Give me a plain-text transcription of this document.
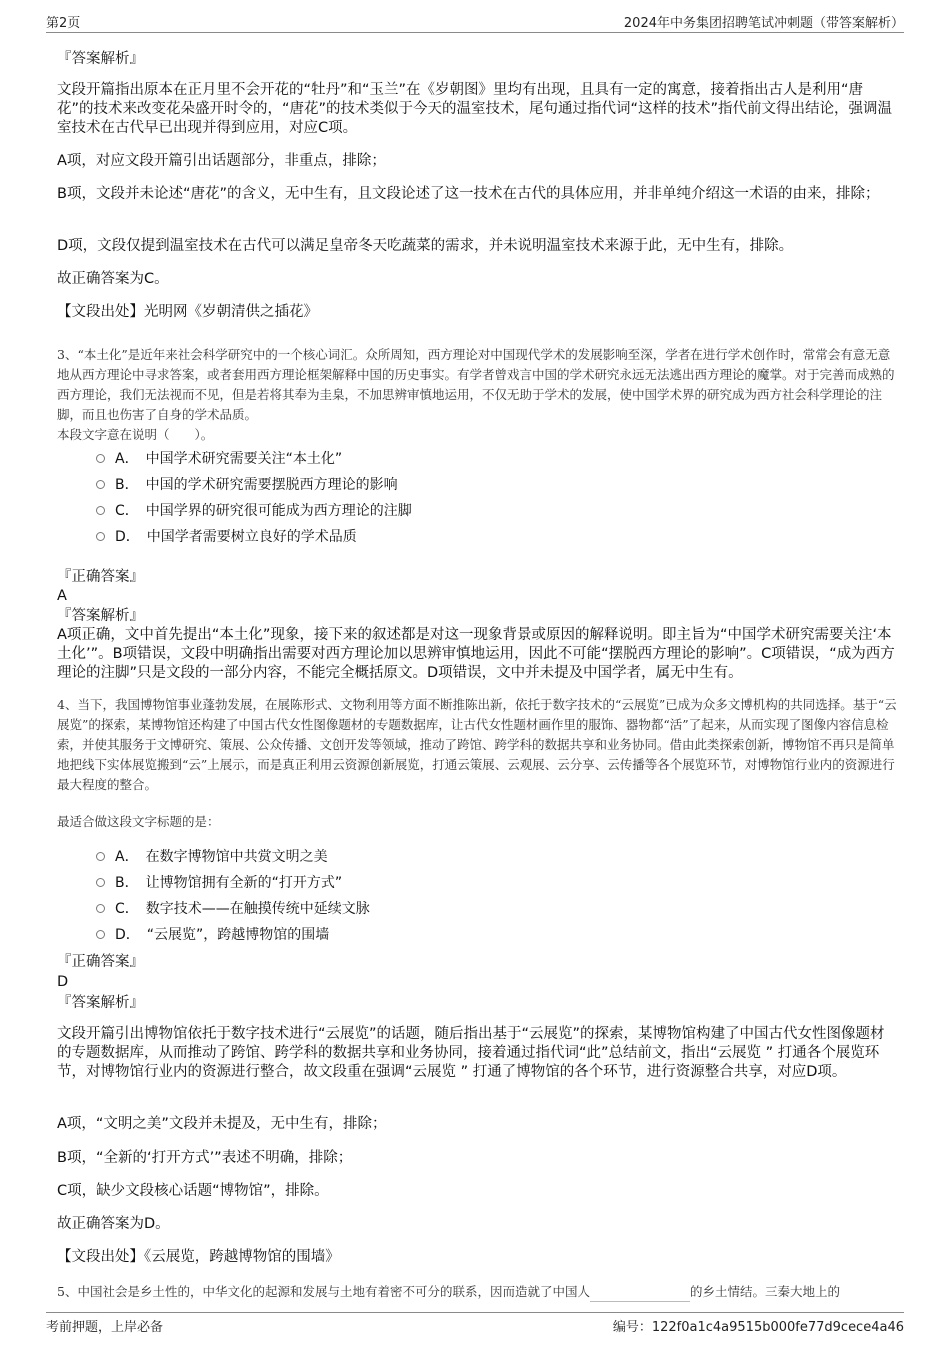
第2页	2024年中务集团招聘笔试冲刺题（带答案解析）

『答案解析』

文段开篇指出原本在正月里不会开花的“牡丹”和“玉兰”在《岁朝图》里均有出现，且具有一定的寓意，接着指出古人是利用“唐花”的技术来改变花朵盛开时令的，“唐花”的技术类似于今天的温室技术，尾句通过指代词“这样的技术”指代前文得出结论，强调温室技术在古代早已出现并得到应用，对应C项。

A项，对应文段开篇引出话题部分，非重点，排除；

B项，文段并未论述“唐花”的含义，无中生有，且文段论述了这一技术在古代的具体应用，并非单纯介绍这一术语的由来，排除；

D项，文段仅提到温室技术在古代可以满足皇帝冬天吃蔬菜的需求，并未说明温室技术来源于此，无中生有，排除。

故正确答案为C。

【文段出处】光明网《岁朝清供之插花》

3、“本土化”是近年来社会科学研究中的一个核心词汇。众所周知，西方理论对中国现代学术的发展影响至深，学者在进行学术创作时，常常会有意无意地从西方理论中寻求答案，或者套用西方理论框架解释中国的历史事实。有学者曾戏言中国的学术研究永远无法逃出西方理论的魔掌。对于完善而成熟的西方理论，我们无法视而不见，但是若将其奉为圭臬，不加思辨审慎地运用，不仅无助于学术的发展，使中国学术界的研究成为西方社会科学理论的注脚，而且也伤害了自身的学术品质。

本段文字意在说明（　　）。

A．　中国学术研究需要关注“本土化”
B．　中国的学术研究需要摆脱西方理论的影响
C．　中国学界的研究很可能成为西方理论的注脚
D．　中国学者需要树立良好的学术品质

『正确答案』

A

『答案解析』

A项正确，文中首先提出“本土化”现象，接下来的叙述都是对这一现象背景或原因的解释说明。即主旨为“中国学术研究需要关注‘本土化’”。B项错误，文段中明确指出需要对西方理论加以思辨审慎地运用，因此不可能“摆脱西方理论的影响”。C项错误，“成为西方理论的注脚”只是文段的一部分内容，不能完全概括原文。D项错误，文中并未提及中国学者，属无中生有。

4、当下，我国博物馆事业蓬勃发展，在展陈形式、文物利用等方面不断推陈出新，依托于数字技术的“云展览”已成为众多文博机构的共同选择。基于“云展览”的探索，某博物馆还构建了中国古代女性图像题材的专题数据库，让古代女性题材画作里的服饰、器物都“活”了起来，从而实现了图像内容信息检索，并使其服务于文博研究、策展、公众传播、文创开发等领域，推动了跨馆、跨学科的数据共享和业务协同。借由此类探索创新，博物馆不再只是简单地把线下实体展览搬到“云”上展示，而是真正利用云资源创新展览，打通云策展、云观展、云分享、云传播等各个展览环节，对博物馆行业内的资源进行最大程度的整合。

最适合做这段文字标题的是：

A．　在数字博物馆中共赏文明之美
B．　让博物馆拥有全新的“打开方式”
C．　数字技术——在触摸传统中延续文脉
D．　“云展览”，跨越博物馆的围墙

『正确答案』

D

『答案解析』

文段开篇引出博物馆依托于数字技术进行“云展览”的话题，随后指出基于“云展览”的探索，某博物馆构建了中国古代女性图像题材的专题数据库，从而推动了跨馆、跨学科的数据共享和业务协同，接着通过指代词“此”总结前文，指出“云展览 ” 打通各个展览环节，对博物馆行业内的资源进行整合，故文段重在强调“云展览 ” 打通了博物馆的各个环节，进行资源整合共享，对应D项。

A项，“文明之美”文段并未提及，无中生有，排除；

B项，“全新的‘打开方式’”表述不明确，排除；

C项，缺少文段核心话题“博物馆”，排除。

故正确答案为D。

【文段出处】《云展览，跨越博物馆的围墙》

5、中国社会是乡土性的，中华文化的起源和发展与土地有着密不可分的联系，因而造就了中国人	的乡土情结。三秦大地上的

考前押题，上岸必备	编号：122f0a1c4a9515b000fe77d9cece4a46
